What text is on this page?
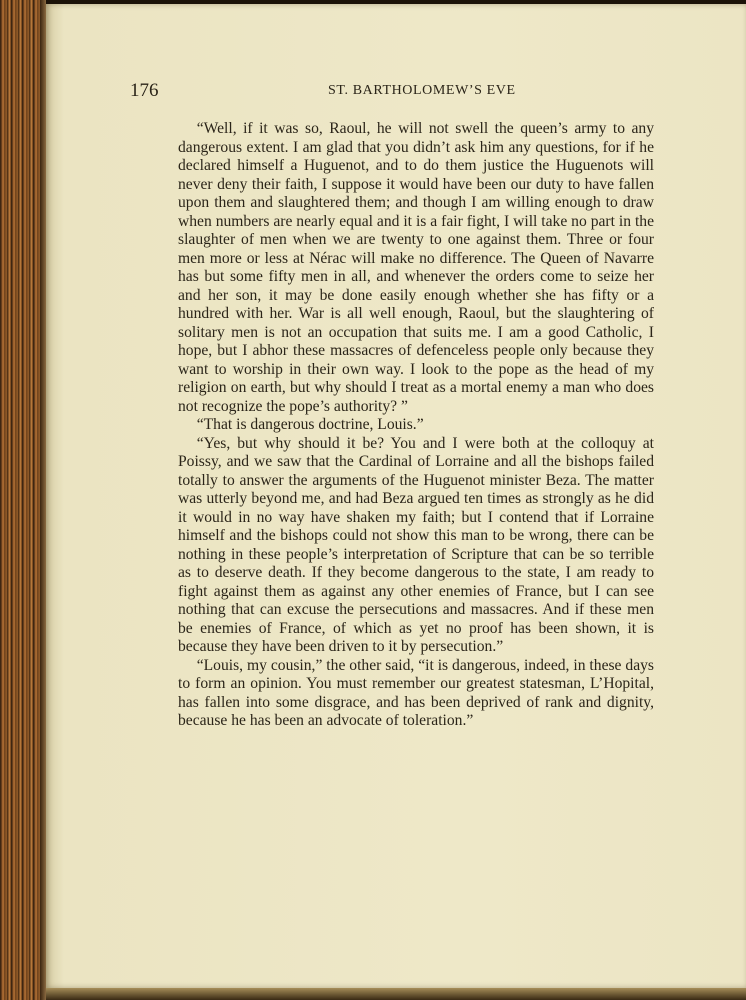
176	ST. BARTHOLOMEW’S EVE

“Well, if it was so, Raoul, he will not swell the queen’s army to any dangerous extent. I am glad that you didn’t ask him any questions, for if he declared himself a Huguenot, and to do them justice the Huguenots will never deny their faith, I suppose it would have been our duty to have fallen upon them and slaughtered them; and though I am willing enough to draw when numbers are nearly equal and it is a fair fight, I will take no part in the slaughter of men when we are twenty to one against them. Three or four men more or less at Nérac will make no difference. The Queen of Navarre has but some fifty men in all, and whenever the orders come to seize her and her son, it may be done easily enough whether she has fifty or a hundred with her. War is all well enough, Raoul, but the slaughtering of solitary men is not an occupation that suits me. I am a good Catholic, I hope, but I abhor these massacres of defenceless people only because they want to worship in their own way. I look to the pope as the head of my religion on earth, but why should I treat as a mortal enemy a man who does not recognize the pope’s authority? ”

“That is dangerous doctrine, Louis.”

“Yes, but why should it be? You and I were both at the colloquy at Poissy, and we saw that the Cardinal of Lorraine and all the bishops failed totally to answer the arguments of the Huguenot minister Beza. The matter was utterly beyond me, and had Beza argued ten times as strongly as he did it would in no way have shaken my faith; but I contend that if Lorraine himself and the bishops could not show this man to be wrong, there can be nothing in these people’s interpretation of Scripture that can be so terrible as to deserve death. If they become dangerous to the state, I am ready to fight against them as against any other enemies of France, but I can see nothing that can excuse the persecutions and massacres. And if these men be enemies of France, of which as yet no proof has been shown, it is because they have been driven to it by persecution.”

“Louis, my cousin,” the other said, “it is dangerous, indeed, in these days to form an opinion. You must remember our greatest statesman, L’Hopital, has fallen into some disgrace, and has been deprived of rank and dignity, because he has been an advocate of toleration.”
